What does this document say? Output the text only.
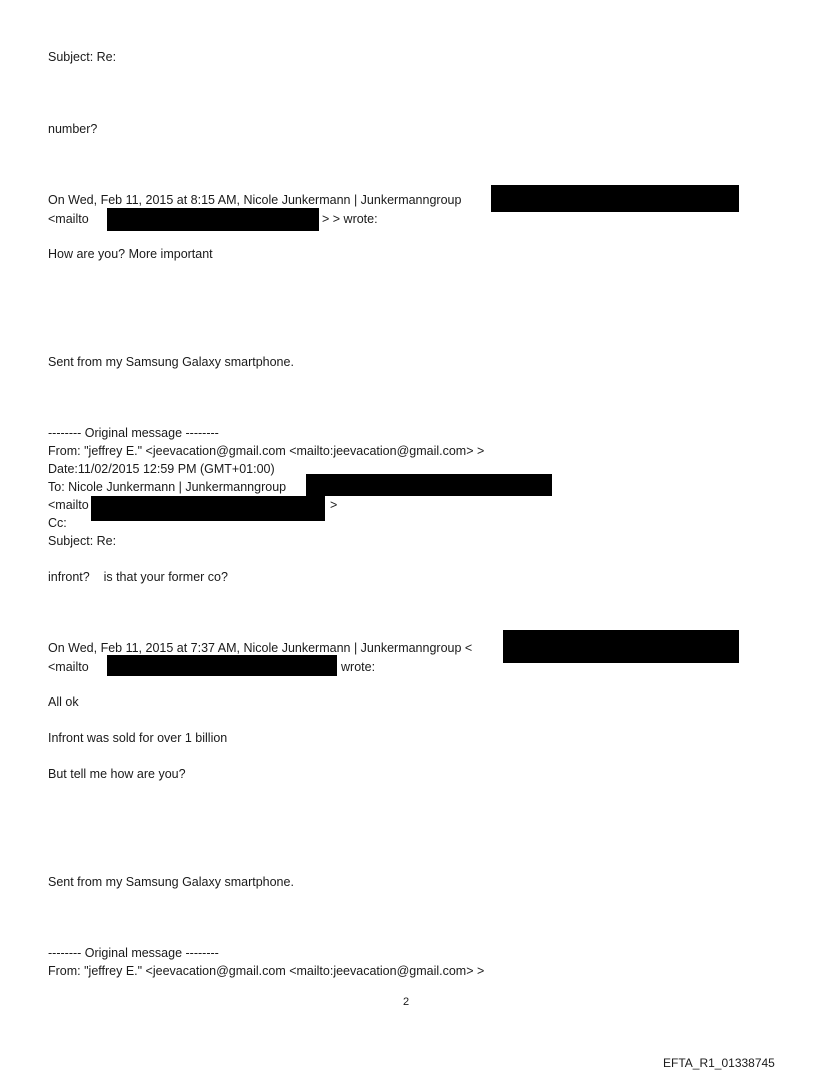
Subject: Re:
number?
On Wed, Feb 11, 2015 at 8:15 AM, Nicole Junkermann | Junkermanngroup
<mailto	> > wrote:
How are you? More important
Sent from my Samsung Galaxy smartphone.
-------- Original message --------
From: "jeffrey E." <jeevacation@gmail.com <mailto:jeevacation@gmail.com> >
Date:11/02/2015 12:59 PM (GMT+01:00)
To: Nicole Junkermann | Junkermanngroup
<mailto	>
Cc:
Subject: Re:
infront?    is that your former co?
On Wed, Feb 11, 2015 at 7:37 AM, Nicole Junkermann | Junkermanngroup <
<mailto	wrote:
All ok
Infront was sold for over 1 billion
But tell me how are you?
Sent from my Samsung Galaxy smartphone.
-------- Original message --------
From: "jeffrey E." <jeevacation@gmail.com <mailto:jeevacation@gmail.com> >
2
EFTA_R1_01338745
